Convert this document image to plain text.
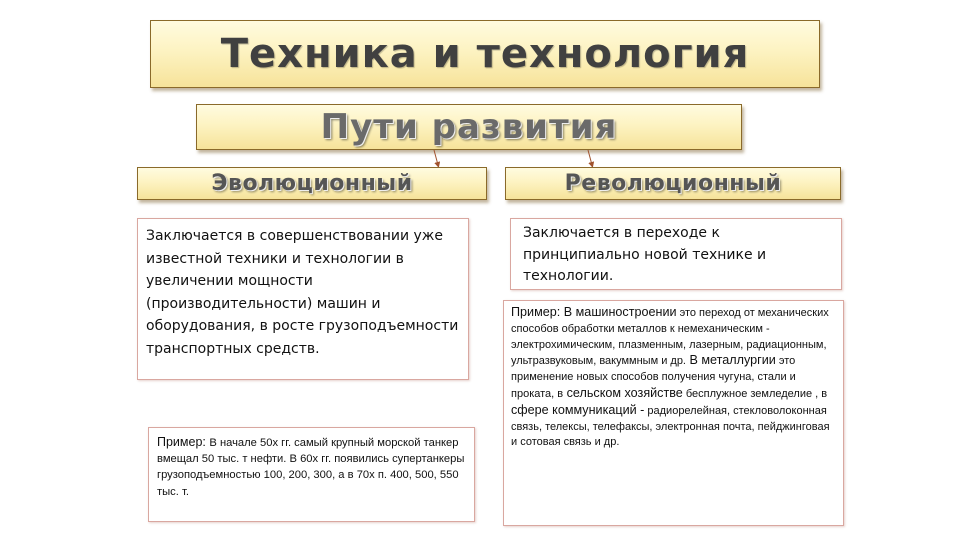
Техника и технология
Пути развития
Эволюционный	Революционный

Заключается в совершенствовании уже известной техники и технологии в увеличении мощности (производительности) машин и оборудования, в росте грузоподъемности транспортных средств.

Заключается в переходе к принципиально новой технике и технологии.

Пример: В начале 50х гг. самый крупный морской танкер вмещал 50 тыс. т нефти. В 60х гг. появились супертанкеры грузоподъемностью 100, 200, 300, а в 70х п. 400, 500, 550 тыс. т.

Пример: В машиностроении это переход от механических способов обработки металлов к немеханическим - электрохимическим, плазменным, лазерным, радиационным, ультразвуковым, вакуммным и др. В металлургии это применение новых способов получения чугуна, стали и проката, в сельском хозяйстве бесплужное земледелие , в сфере коммуникаций - радиорелейная, стекловолоконная связь, телексы, телефаксы, электронная почта, пейджинговая и сотовая связь и др.
